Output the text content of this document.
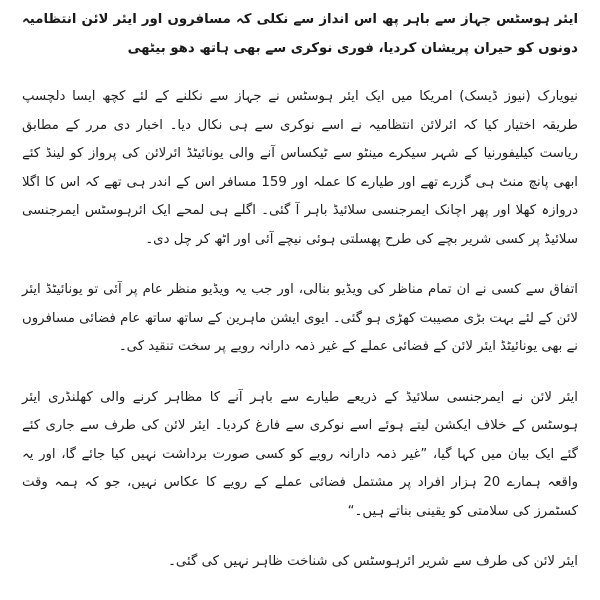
ایئر ہوسٹس جہاز سے باہر پھ اس انداز سے نکلی کہ مسافروں اور ایئر لائن انتظامیہ دونوں کو حیران پریشان کردیا، فوری نوکری سے بھی ہاتھ دھو بیٹھی

نیویارک (نیوز ڈیسک) امریکا میں ایک ایئر ہوسٹس نے جہاز سے نکلنے کے لئے کچھ ایسا دلچسپ طریقہ اختیار کیا کہ ائرلائن انتظامیہ نے اسے نوکری سے ہی نکال دیا۔ اخبار دی مرر کے مطابق ریاست کیلیفورنیا کے شہر سیکرے مینٹو سے ٹیکساس آنے والی یونائیٹڈ ائرلائن کی پرواز کو لینڈ کئے ابھی پانچ منٹ ہی گزرے تھے اور طیارے کا عملہ اور 159 مسافر اس کے اندر ہی تھے کہ اس کا اگلا دروازہ کھلا اور پھر اچانک ایمرجنسی سلائیڈ باہر آ گئی۔ اگلے ہی لمحے ایک ائرہوسٹس ایمرجنسی سلائیڈ پر کسی شریر بچے کی طرح پھسلتی ہوئی نیچے آئی اور اٹھ کر چل دی۔

اتفاق سے کسی نے ان تمام مناظر کی ویڈیو بنالی، اور جب یہ ویڈیو منظر عام پر آئی تو یونائیٹڈ ایئر لائن کے لئے بہت بڑی مصیبت کھڑی ہو گئی۔ ایوی ایشن ماہرین کے ساتھ ساتھ عام فضائی مسافروں نے بھی یونائیٹڈ ایئر لائن کے فضائی عملے کے غیر ذمہ دارانہ رویے پر سخت تنقید کی۔

ایئر لائن نے ایمرجنسی سلائیڈ کے ذریعے طیارے سے باہر آنے کا مظاہر کرنے والی کھلنڈری ایئر ہوسٹس کے خلاف ایکشن لیتے ہوئے اسے نوکری سے فارغ کردیا۔ ایئر لائن کی طرف سے جاری کئے گئے ایک بیان میں کہا گیا، ”غیر ذمہ دارانہ رویے کو کسی صورت برداشت نہیں کیا جائے گا، اور یہ واقعہ ہمارے 20 ہزار افراد پر مشتمل فضائی عملے کے رویے کا عکاس نہیں، جو کہ ہمہ وقت کسٹمرز کی سلامتی کو یقینی بناتے ہیں۔“

ایئر لائن کی طرف سے شریر ائرہوسٹس کی شناخت ظاہر نہیں کی گئی۔
